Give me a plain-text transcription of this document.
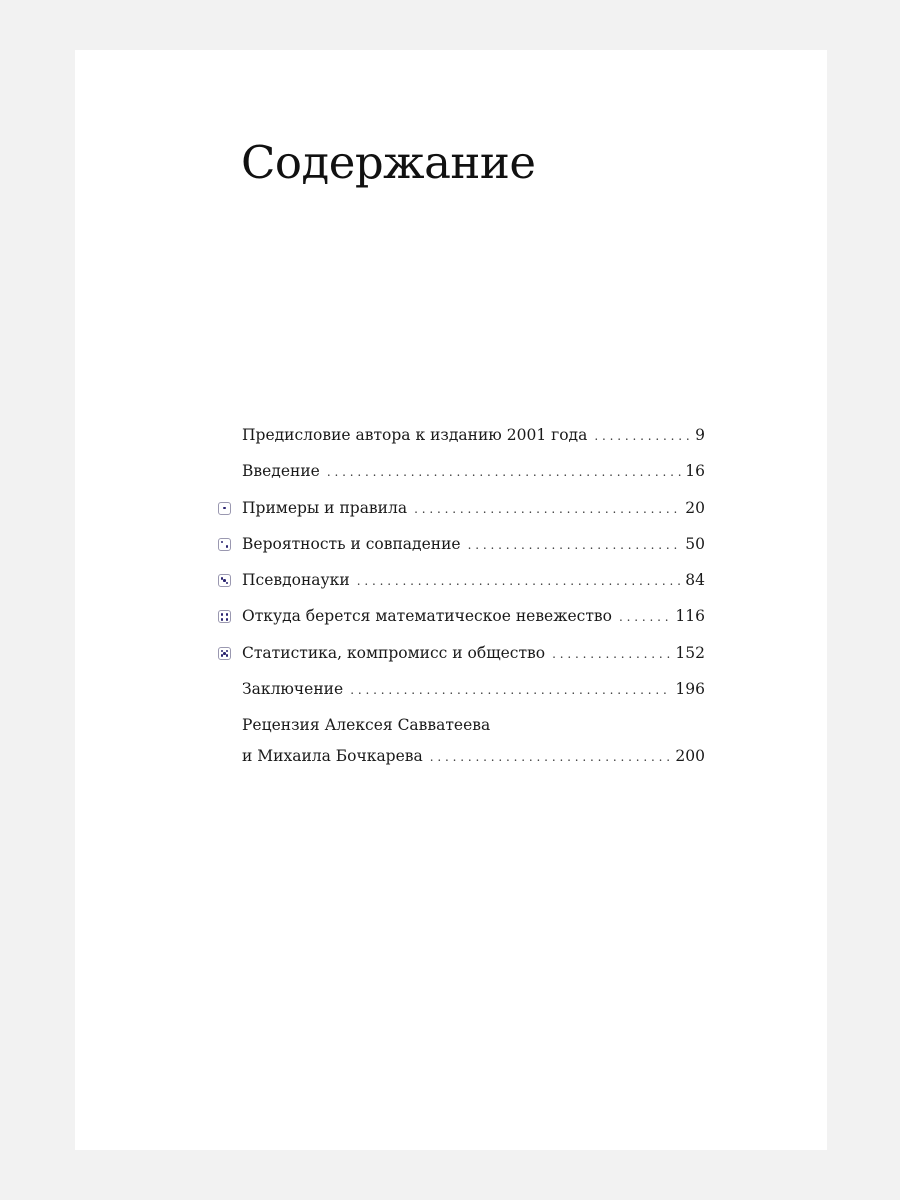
Содержание
Предисловие автора к изданию 2001 года . . .	9
Введение . . .	16
Примеры и правила . . .	20
Вероятность и совпадение . . .	50
Псевдонауки . . .	84
Откуда берется математическое невежество . . .	116
Статистика, компромисс и общество . . .	152
Заключение . . .	196
Рецензия Алексея Савватеева
и Михаила Бочкарева . . .	200
